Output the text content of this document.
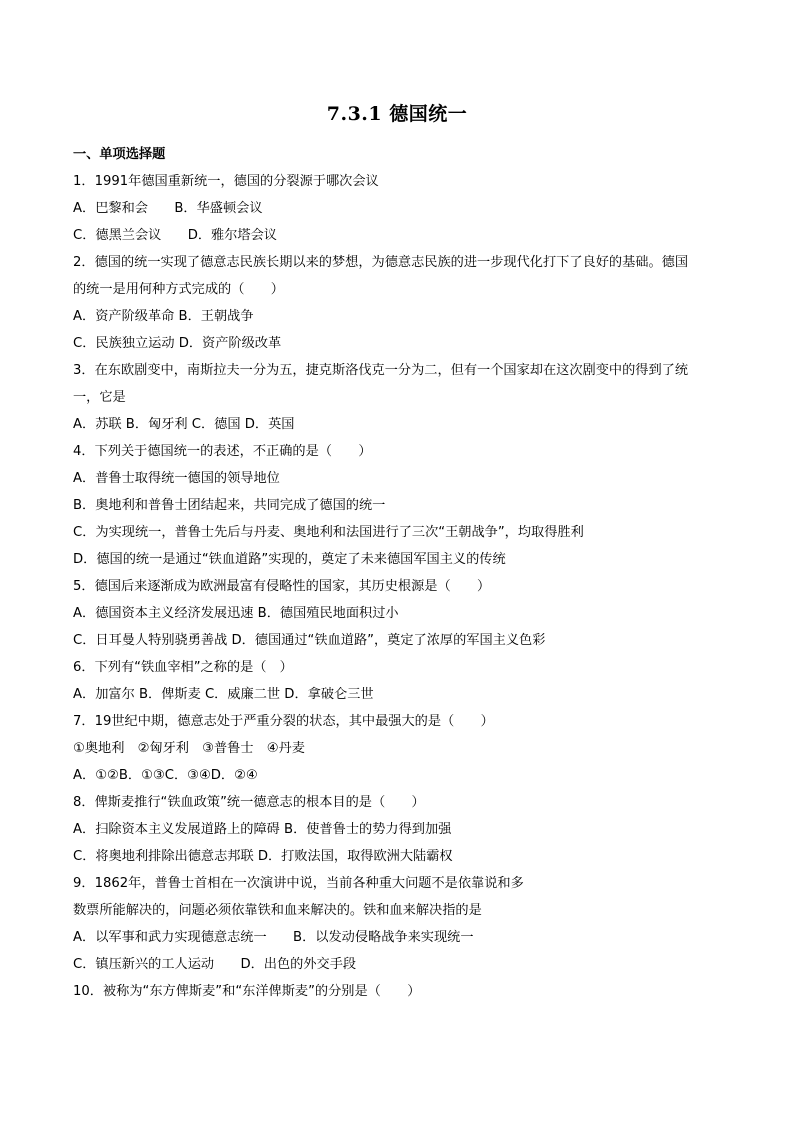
7.3.1 德国统一
一、单项选择题
1．1991年德国重新统一，德国的分裂源于哪次会议
A．巴黎和会　　B．华盛顿会议
C．德黑兰会议　　D．雅尔塔会议
2．德国的统一实现了德意志民族长期以来的梦想，为德意志民族的进一步现代化打下了良好的基础。德国
的统一是用何种方式完成的（　　）
A．资产阶级革命 B．王朝战争
C．民族独立运动 D．资产阶级改革
3．在东欧剧变中，南斯拉夫一分为五，捷克斯洛伐克一分为二，但有一个国家却在这次剧变中的得到了统
一，它是
A．苏联 B．匈牙利 C．德国 D．英国
4．下列关于德国统一的表述，不正确的是（　　）
A．普鲁士取得统一德国的领导地位
B．奥地利和普鲁士团结起来，共同完成了德国的统一
C．为实现统一，普鲁士先后与丹麦、奥地利和法国进行了三次“王朝战争”，均取得胜利
D．德国的统一是通过“铁血道路”实现的，奠定了未来德国军国主义的传统
5．德国后来逐渐成为欧洲最富有侵略性的国家，其历史根源是（　　）
A．德国资本主义经济发展迅速 B．德国殖民地面积过小
C．日耳曼人特别骁勇善战 D．德国通过“铁血道路”，奠定了浓厚的军国主义色彩
6．下列有“铁血宰相”之称的是（　）
A．加富尔 B．俾斯麦 C．威廉二世 D．拿破仑三世
7．19世纪中期，德意志处于严重分裂的状态，其中最强大的是（　　）
①奥地利　②匈牙利　③普鲁士　④丹麦
A．①②B．①③C．③④D．②④
8．俾斯麦推行“铁血政策”统一德意志的根本目的是（　　）
A．扫除资本主义发展道路上的障碍 B．使普鲁士的势力得到加强
C．将奥地利排除出德意志邦联 D．打败法国，取得欧洲大陆霸权
9．1862年，普鲁士首相在一次演讲中说，当前各种重大问题不是依靠说和多
数票所能解决的，问题必须依靠铁和血来解决的。铁和血来解决指的是
A．以军事和武力实现德意志统一　　B．以发动侵略战争来实现统一
C．镇压新兴的工人运动　　D．出色的外交手段
10．被称为“东方俾斯麦”和“东洋俾斯麦”的分别是（　　）
